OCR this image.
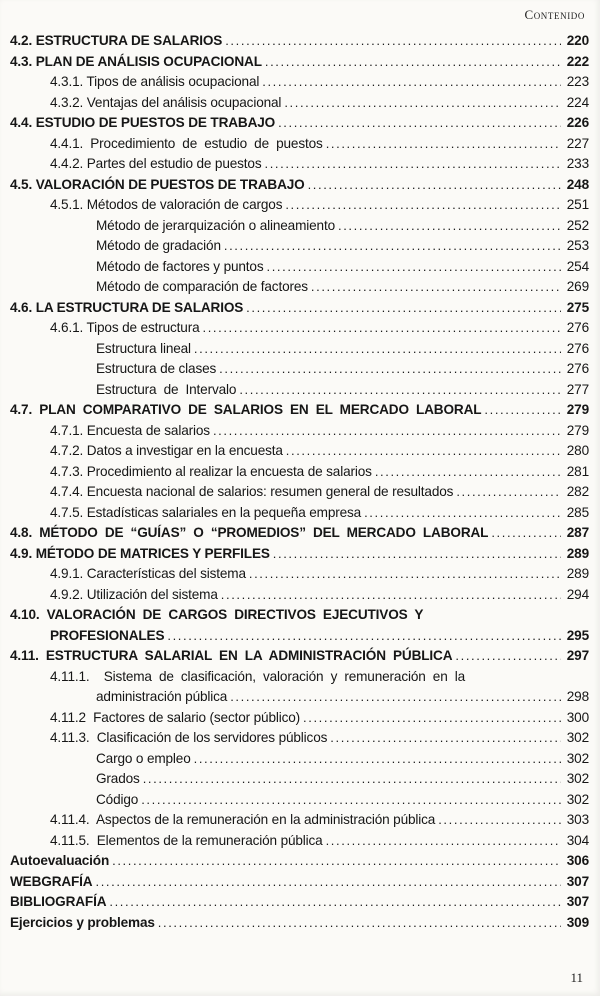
Contenido
4.2. ESTRUCTURA DE SALARIOS .....	220
4.3. PLAN DE ANÁLISIS OCUPACIONAL .....	222
4.3.1. Tipos de análisis ocupacional .....	223
4.3.2. Ventajas del análisis ocupacional .....	224
4.4. ESTUDIO DE PUESTOS DE TRABAJO .....	226
4.4.1. Procedimiento de estudio de puestos .....	227
4.4.2. Partes del estudio de puestos .....	233
4.5. VALORACIÓN DE PUESTOS DE TRABAJO .....	248
4.5.1. Métodos de valoración de cargos .....	251
Método de jerarquización o alineamiento .....	252
Método de gradación .....	253
Método de factores y puntos .....	254
Método de comparación de factores .....	269
4.6. LA ESTRUCTURA DE SALARIOS .....	275
4.6.1. Tipos de estructura .....	276
Estructura lineal .....	276
Estructura de clases .....	276
Estructura de Intervalo .....	277
4.7. PLAN COMPARATIVO DE SALARIOS EN EL MERCADO LABORAL .....	279
4.7.1. Encuesta de salarios .....	279
4.7.2. Datos a investigar en la encuesta .....	280
4.7.3. Procedimiento al realizar la encuesta de salarios .....	281
4.7.4. Encuesta nacional de salarios: resumen general de resultados .....	282
4.7.5. Estadísticas salariales en la pequeña empresa .....	285
4.8. MÉTODO DE “GUÍAS” O “PROMEDIOS” DEL MERCADO LABORAL .....	287
4.9. MÉTODO DE MATRICES Y PERFILES .....	289
4.9.1. Características del sistema .....	289
4.9.2. Utilización del sistema .....	294
4.10. VALORACIÓN DE CARGOS DIRECTIVOS EJECUTIVOS Y
PROFESIONALES .....	295
4.11. ESTRUCTURA SALARIAL EN LA ADMINISTRACIÓN PÚBLICA .....	297
4.11.1.  Sistema de clasificación, valoración y remuneración en la
administración pública .....	298
4.11.2  Factores de salario (sector público) .....	300
4.11.3.  Clasificación de los servidores públicos .....	302
Cargo o empleo .....	302
Grados .....	302
Código .....	302
4.11.4.  Aspectos de la remuneración en la administración pública .....	303
4.11.5.  Elementos de la remuneración pública .....	304
Autoevaluación .....	306
WEBGRAFÍA .....	307
BIBLIOGRAFÍA .....	307
Ejercicios y problemas .....	309
11
